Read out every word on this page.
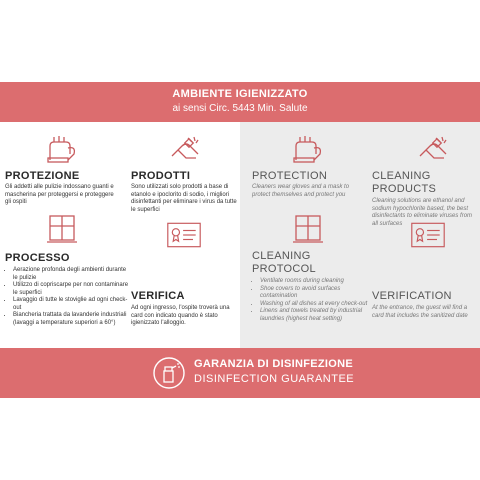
AMBIENTE IGIENIZZATO
ai sensi Circ. 5443 Min. Salute
PROTEZIONE
Gli addetti alle pulizie indossano guanti e mascherina per proteggersi e proteggere gli ospiti
PRODOTTI
Sono utilizzati solo prodotti a base di etanolo e ipoclorito di sodio, i migliori disinfettanti per eliminare i virus da tutte le superfici
PROCESSO
• Aerazione profonda degli ambienti durante le pulizie
• Utilizzo di copriscarpe per non contaminare le superfici
• Lavaggio di tutte le stoviglie ad ogni check-out
• Biancheria trattata da lavanderie industriali (lavaggi a temperature superiori a 60°)
VERIFICA
Ad ogni ingresso, l'ospite troverà una card con indicato quando è stato igienizzato l'alloggio.
PROTECTION
Cleaners wear gloves and a mask to protect themselves and protect you
CLEANING
PRODUCTS
Cleaning solutions are ethanol and sodium hypochlorite based, the best disinfectants to eliminate viruses from all surfaces
CLEANING
PROTOCOL
• Ventilate rooms during cleaning
• Shoe covers to avoid surfaces contamination
• Washing of all dishes at every check-out
• Linens and towels treated by industrial laundries (highest heat setting)
VERIFICATION
At the entrance, the guest will find a card that includes the sanitized date
GARANZIA DI DISINFEZIONE
DISINFECTION GUARANTEE
